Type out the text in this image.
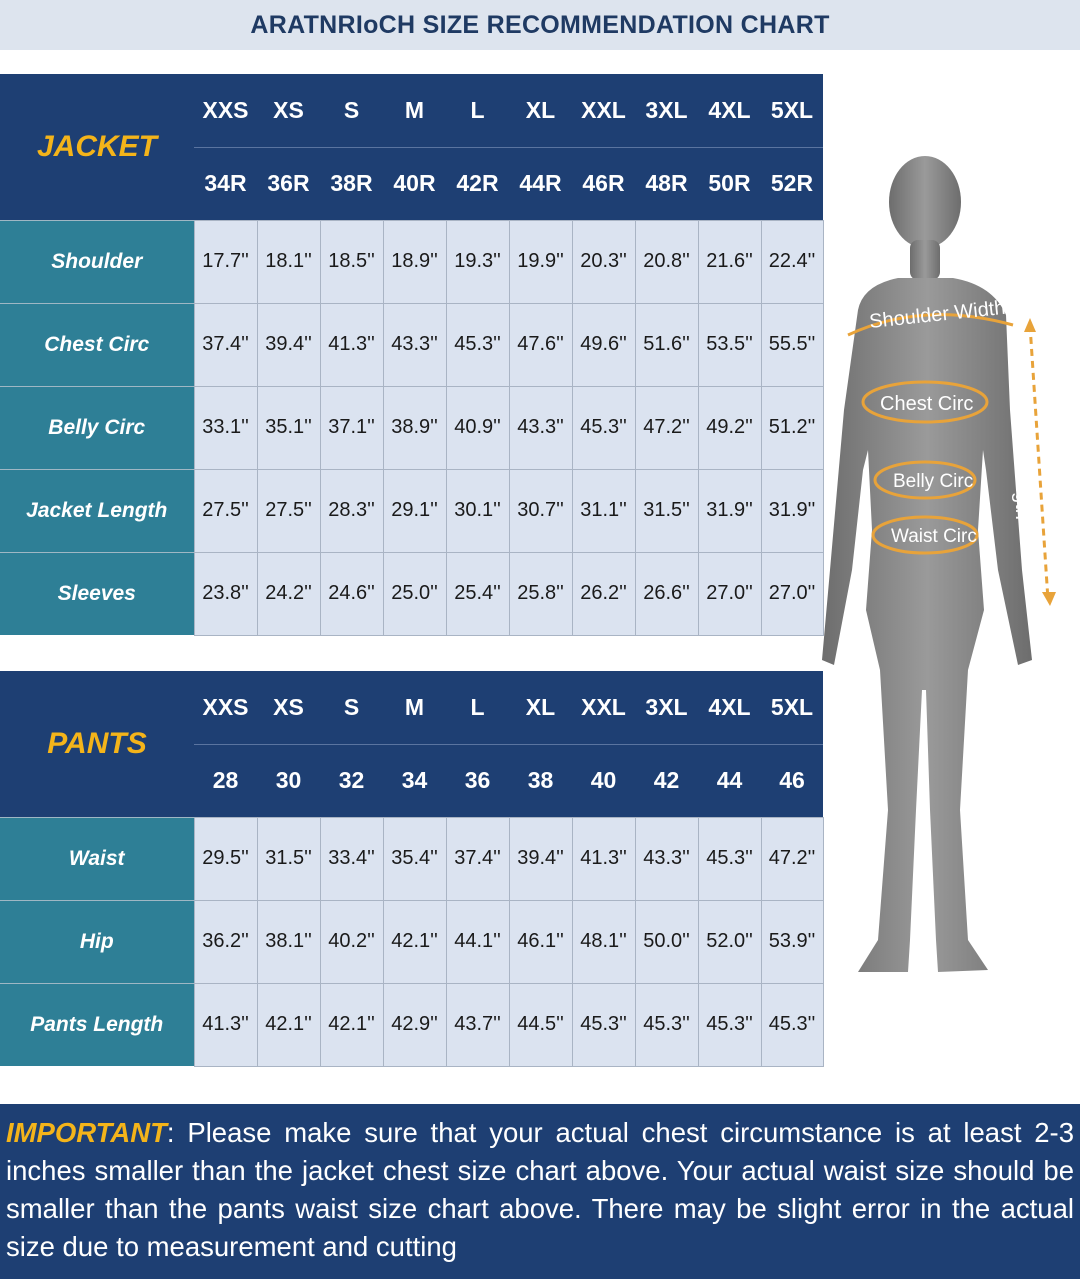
ARATNRIoCH SIZE RECOMMENDATION CHART
JACKET	XXS	XS	S	M	L	XL	XXL	3XL	4XL	5XL
	34R	36R	38R	40R	42R	44R	46R	48R	50R	52R
Shoulder	17.7''	18.1''	18.5''	18.9''	19.3''	19.9''	20.3''	20.8''	21.6''	22.4''
Chest Circ	37.4''	39.4''	41.3''	43.3''	45.3''	47.6''	49.6''	51.6''	53.5''	55.5''
Belly Circ	33.1''	35.1''	37.1''	38.9''	40.9''	43.3''	45.3''	47.2''	49.2''	51.2''
Jacket Length	27.5''	27.5''	28.3''	29.1''	30.1''	30.7''	31.1''	31.5''	31.9''	31.9''
Sleeves	23.8''	24.2''	24.6''	25.0''	25.4''	25.8''	26.2''	26.6''	27.0''	27.0''
PANTS	XXS	XS	S	M	L	XL	XXL	3XL	4XL	5XL
	28	30	32	34	36	38	40	42	44	46
Waist	29.5''	31.5''	33.4''	35.4''	37.4''	39.4''	41.3''	43.3''	45.3''	47.2''
Hip	36.2''	38.1''	40.2''	42.1''	44.1''	46.1''	48.1''	50.0''	52.0''	53.9''
Pants Length	41.3''	42.1''	42.1''	42.9''	43.7''	44.5''	45.3''	45.3''	45.3''	45.3''
Shoulder Width
Chest Circ
Belly Circ
Waist Circ
Sleeve Length
IMPORTANT: Please make sure that your actual chest circumstance is at least 2-3 inches smaller than the jacket chest size chart above. Your actual waist size should be smaller than the pants waist size chart above. There may be slight error in the actual size due to measurement and cutting
